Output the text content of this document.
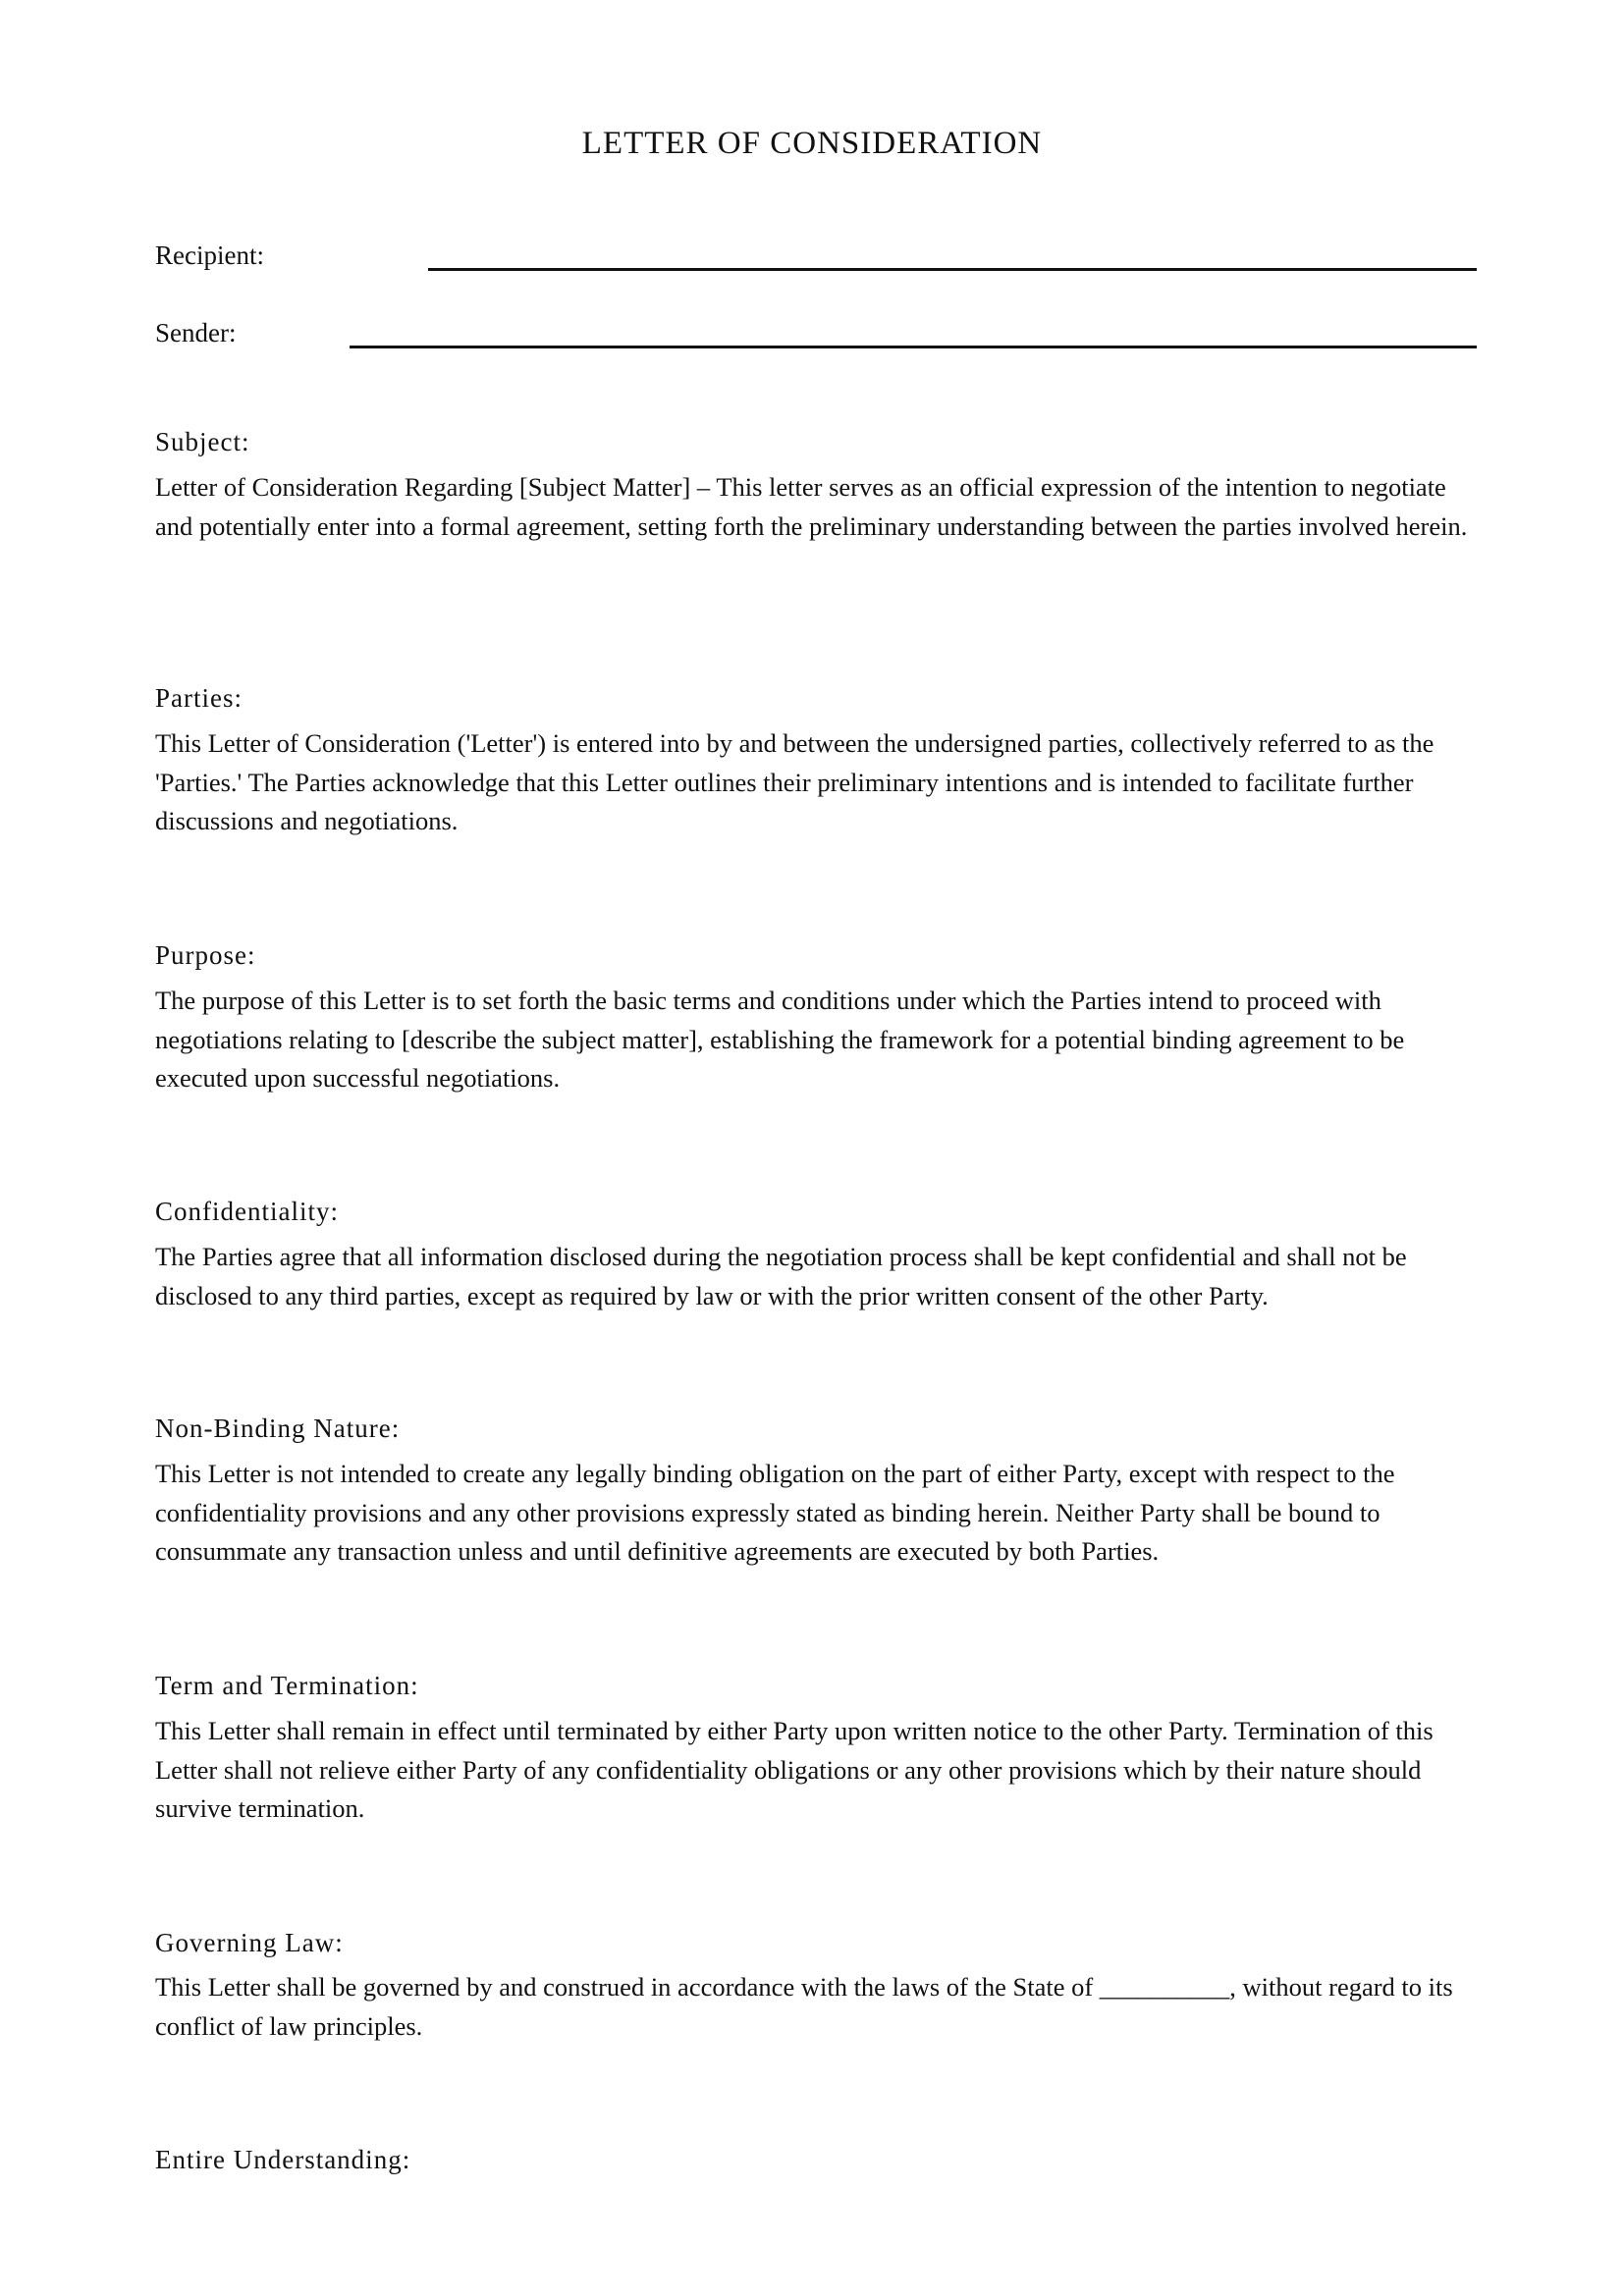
LETTER OF CONSIDERATION
Recipient:
Sender:
Subject:
Letter of Consideration Regarding [Subject Matter] – This letter serves as an official expression of the intention to negotiate and potentially enter into a formal agreement, setting forth the preliminary understanding between the parties involved herein.
Parties:
This Letter of Consideration ('Letter') is entered into by and between the undersigned parties, collectively referred to as the 'Parties.' The Parties acknowledge that this Letter outlines their preliminary intentions and is intended to facilitate further discussions and negotiations.
Purpose:
The purpose of this Letter is to set forth the basic terms and conditions under which the Parties intend to proceed with negotiations relating to [describe the subject matter], establishing the framework for a potential binding agreement to be executed upon successful negotiations.
Confidentiality:
The Parties agree that all information disclosed during the negotiation process shall be kept confidential and shall not be disclosed to any third parties, except as required by law or with the prior written consent of the other Party.
Non-Binding Nature:
This Letter is not intended to create any legally binding obligation on the part of either Party, except with respect to the confidentiality provisions and any other provisions expressly stated as binding herein. Neither Party shall be bound to consummate any transaction unless and until definitive agreements are executed by both Parties.
Term and Termination:
This Letter shall remain in effect until terminated by either Party upon written notice to the other Party. Termination of this Letter shall not relieve either Party of any confidentiality obligations or any other provisions which by their nature should survive termination.
Governing Law:
This Letter shall be governed by and construed in accordance with the laws of the State of __________, without regard to its conflict of law principles.
Entire Understanding:
